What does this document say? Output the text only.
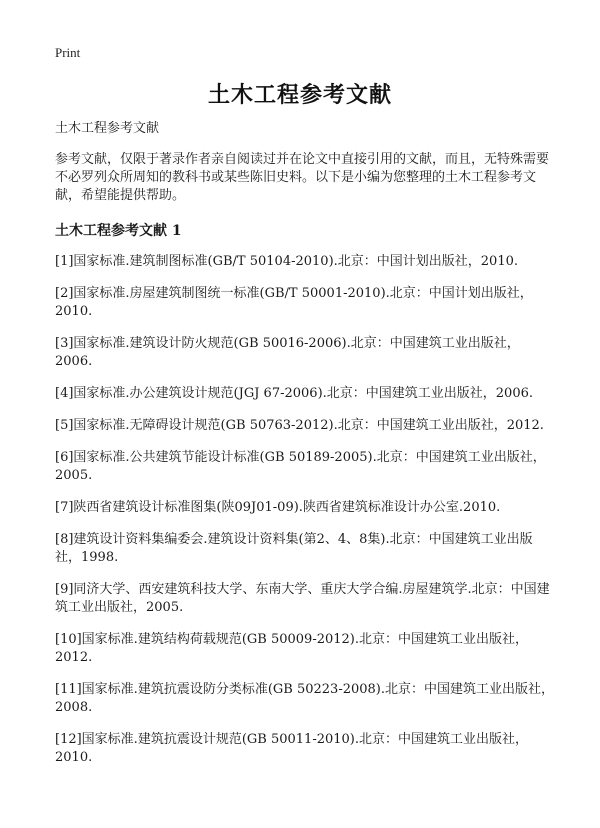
Print
土木工程参考文献

土木工程参考文献

参考文献，仅限于著录作者亲自阅读过并在论文中直接引用的文献，而且，无特殊需要不必罗列众所周知的教科书或某些陈旧史料。以下是小编为您整理的土木工程参考文献，希望能提供帮助。

土木工程参考文献 1

[1]国家标准.建筑制图标准(GB/T 50104-2010).北京：中国计划出版社，2010.
[2]国家标准.房屋建筑制图统一标准(GB/T 50001-2010).北京：中国计划出版社，2010.
[3]国家标准.建筑设计防火规范(GB 50016-2006).北京：中国建筑工业出版社，2006.
[4]国家标准.办公建筑设计规范(JGJ 67-2006).北京：中国建筑工业出版社，2006.
[5]国家标准.无障碍设计规范(GB 50763-2012).北京：中国建筑工业出版社，2012.
[6]国家标准.公共建筑节能设计标准(GB 50189-2005).北京：中国建筑工业出版社，2005.
[7]陕西省建筑设计标准图集(陕09J01-09).陕西省建筑标准设计办公室.2010.
[8]建筑设计资料集编委会.建筑设计资料集(第2、4、8集).北京：中国建筑工业出版社，1998.
[9]同济大学、西安建筑科技大学、东南大学、重庆大学合编.房屋建筑学.北京：中国建筑工业出版社，2005.
[10]国家标准.建筑结构荷载规范(GB 50009-2012).北京：中国建筑工业出版社，2012.
[11]国家标准.建筑抗震设防分类标准(GB 50223-2008).北京：中国建筑工业出版社，2008.
[12]国家标准.建筑抗震设计规范(GB 50011-2010).北京：中国建筑工业出版社，2010.
